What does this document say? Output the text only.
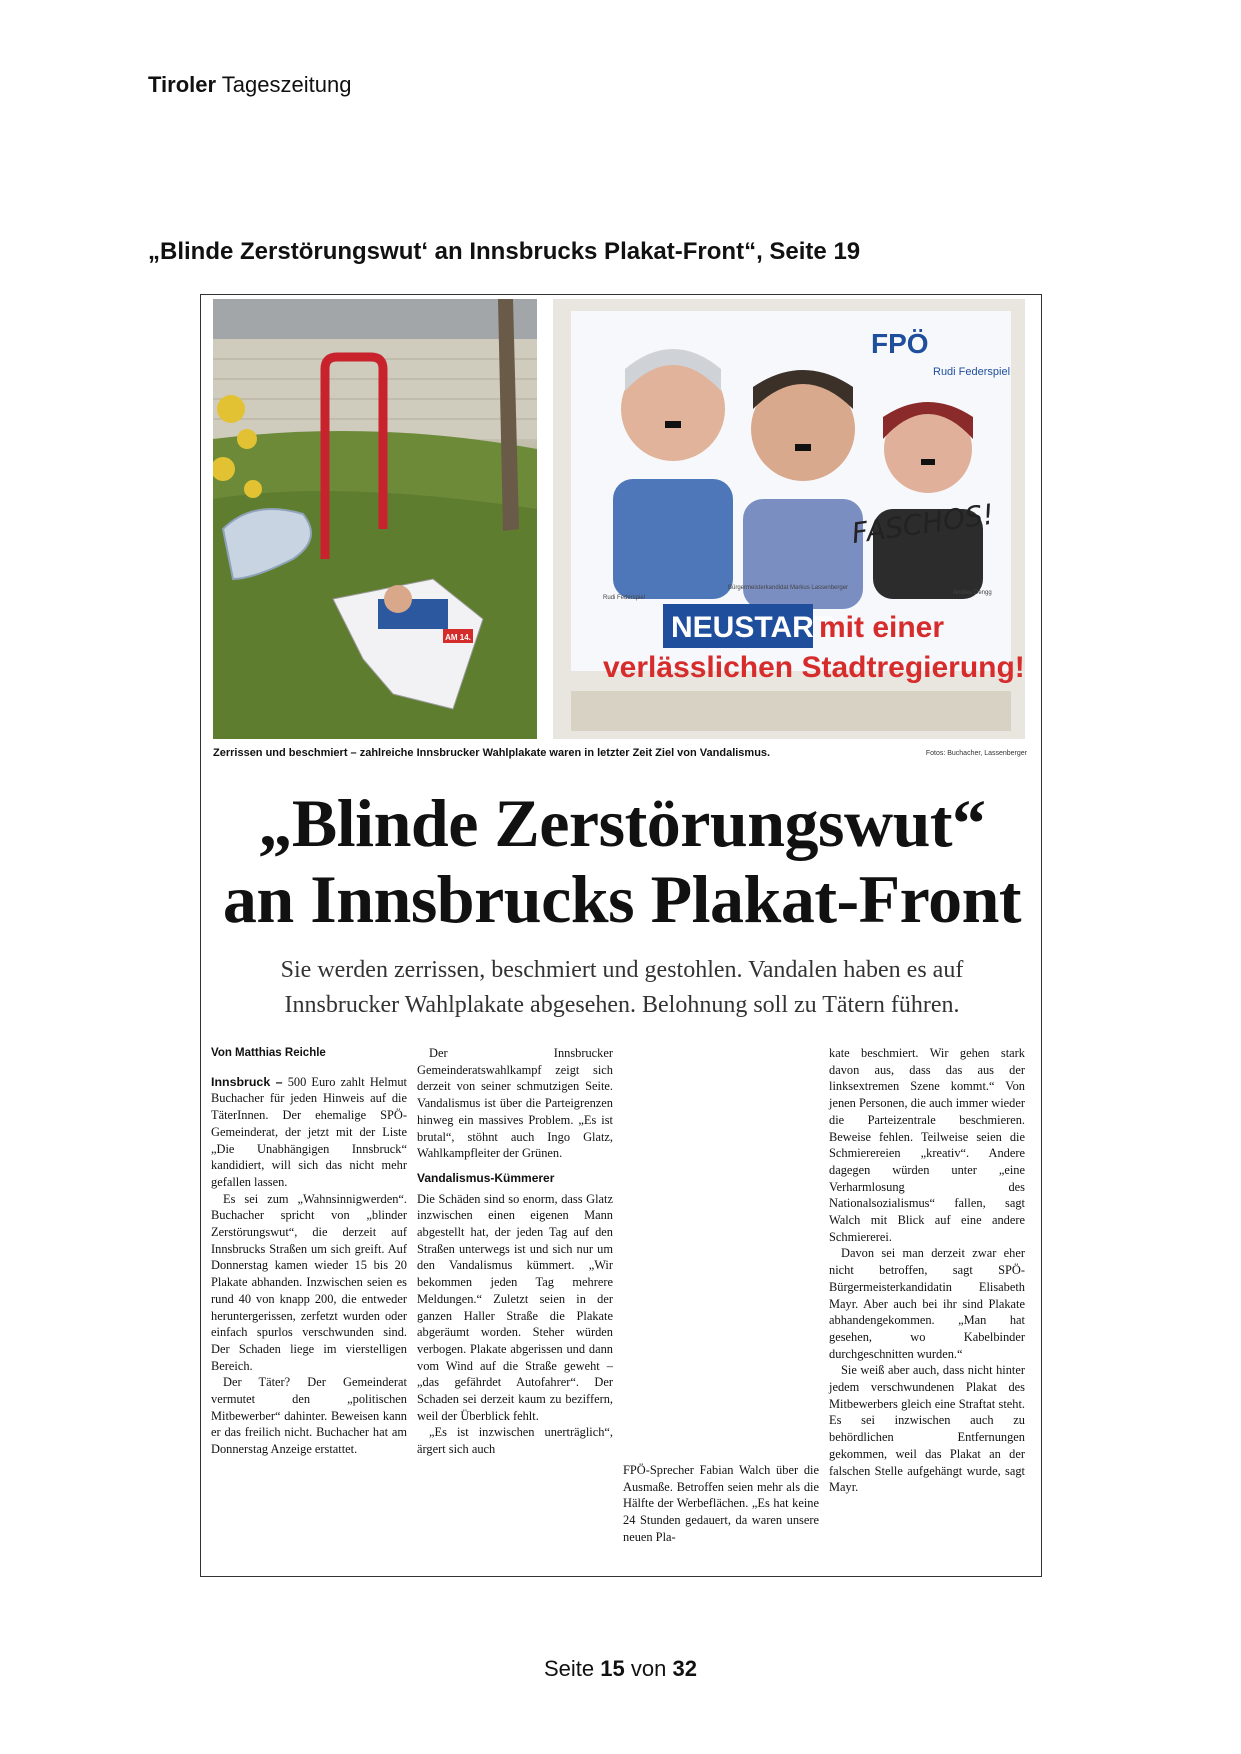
Tiroler Tageszeitung
„Blinde Zerstörungswut‘ an Innsbrucks Plakat-Front“, Seite 19
AM 14.
FPÖ
Rudi Federspiel
FASCHOS!
Rudi Federspiel
Bürgermeisterkandidat Markus Lassenberger
Andrea Dengg
NEUSTART
mit einer
verlässlichen Stadtregierung!
Zerrissen und beschmiert – zahlreiche Innsbrucker Wahlplakate waren in letzter Zeit Ziel von Vandalismus.	Fotos: Buchacher, Lassenberger
„Blinde Zerstörungswut“
an Innsbrucks Plakat-Front
Sie werden zerrissen, beschmiert und gestohlen. Vandalen haben es auf Innsbrucker Wahlplakate abgesehen. Belohnung soll zu Tätern führen.

Von Matthias Reichle

Innsbruck – 500 Euro zahlt Helmut Buchacher für jeden Hinweis auf die TäterInnen. Der ehemalige SPÖ-Gemeinderat, der jetzt mit der Liste „Die Unabhängigen Innsbruck“ kandidiert, will sich das nicht mehr gefallen lassen.

Es sei zum „Wahnsinnigwerden“. Buchacher spricht von „blinder Zerstörungswut“, die derzeit auf Innsbrucks Straßen um sich greift. Auf Donnerstag kamen wieder 15 bis 20 Plakate abhanden. Inzwischen seien es rund 40 von knapp 200, die entweder heruntergerissen, zerfetzt wurden oder einfach spurlos verschwunden sind. Der Schaden liege im vierstelligen Bereich.

Der Täter? Der Gemeinderat vermutet den „politischen Mitbewerber“ dahinter. Beweisen kann er das freilich nicht. Buchacher hat am Donnerstag Anzeige erstattet.

Der Innsbrucker Gemeinderatswahlkampf zeigt sich derzeit von seiner schmutzigen Seite. Vandalismus ist über die Parteigrenzen hinweg ein massives Problem. „Es ist brutal“, stöhnt auch Ingo Glatz, Wahlkampfleiter der Grünen.

Vandalismus-Kümmerer

Die Schäden sind so enorm, dass Glatz inzwischen einen eigenen Mann abgestellt hat, der jeden Tag auf den Straßen unterwegs ist und sich nur um den Vandalismus kümmert. „Wir bekommen jeden Tag mehrere Meldungen.“ Zuletzt seien in der ganzen Haller Straße die Plakate abgeräumt worden. Steher würden verbogen. Plakate abgerissen und dann vom Wind auf die Straße geweht – „das gefährdet Autofahrer“. Der Schaden sei derzeit kaum zu beziffern, weil der Überblick fehlt.

„Es ist inzwischen unerträglich“, ärgert sich auch

FPÖ-Sprecher Fabian Walch über die Ausmaße. Betroffen seien mehr als die Hälfte der Werbeflächen. „Es hat keine 24 Stunden gedauert, da waren unsere neuen Pla-

kate beschmiert. Wir gehen stark davon aus, dass das aus der linksextremen Szene kommt.“ Von jenen Personen, die auch immer wieder die Parteizentrale beschmieren. Beweise fehlen. Teilweise seien die Schmierereien „kreativ“. Andere dagegen würden unter „eine Verharmlosung des Nationalsozialismus“ fallen, sagt Walch mit Blick auf eine andere Schmiererei.

Davon sei man derzeit zwar eher nicht betroffen, sagt SPÖ-Bürgermeisterkandidatin Elisabeth Mayr. Aber auch bei ihr sind Plakate abhandengekommen. „Man hat gesehen, wo Kabelbinder durchgeschnitten wurden.“

Sie weiß aber auch, dass nicht hinter jedem verschwundenen Plakat des Mitbewerbers gleich eine Straftat steht. Es sei inzwischen auch zu behördlichen Entfernungen gekommen, weil das Plakat an der falschen Stelle aufgehängt wurde, sagt Mayr.

Seite 15 von 32
